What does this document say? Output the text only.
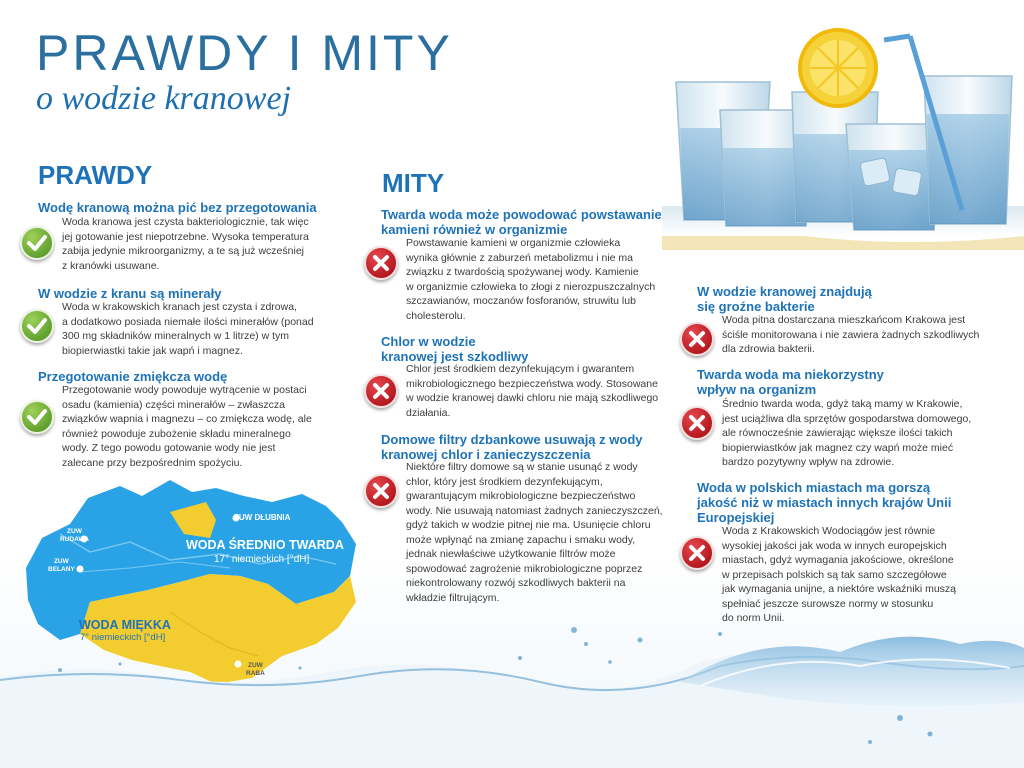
PRAWDY I MITY
o wodzie kranowej
PRAWDY
Wodę kranową można pić bez przegotowania
Woda kranowa jest czysta bakteriologicznie, tak więc
jej gotowanie jest niepotrzebne. Wysoka temperatura
zabija jedynie mikroorganizmy, a te są już wcześniej
z kranówki usuwane.
W wodzie z kranu są minerały
Woda w krakowskich kranach jest czysta i zdrowa,
a dodatkowo posiada niemałe ilości minerałów (ponad
300 mg składników mineralnych w 1 litrze) w tym
biopierwiastki takie jak wapń i magnez.
Przegotowanie zmiękcza wodę
Przegotowanie wody powoduje wytrącenie w postaci
osadu (kamienia) części minerałów – zwłaszcza
związków wapnia i magnezu – co zmiękcza wodę, ale
również powoduje zubożenie składu mineralnego
wody. Z tego powodu gotowanie wody nie jest
zalecane przy bezpośrednim spożyciu.
ZUW DŁUBNIA
ZUW
RUDAWA
ZUW
BELANY
ZUW
RABA
WODA ŚREDNIO TWARDA
17° niemieckich [°dH]
WODA MIĘKKA
7° niemieckich [°dH]
MITY
Twarda woda może powodować powstawanie
kamieni również w organizmie
Powstawanie kamieni w organizmie człowieka
wynika głównie z zaburzeń metabolizmu i nie ma
związku z twardością spożywanej wody. Kamienie
w organizmie człowieka to złogi z nierozpuszczalnych
szczawianów, moczanów fosforanów, struwitu lub
cholesterolu.
Chlor w wodzie
kranowej jest szkodliwy
Chlor jest środkiem dezynfekującym i gwarantem
mikrobiologicznego bezpieczeństwa wody. Stosowane
w wodzie kranowej dawki chloru nie mają szkodliwego
działania.
Domowe filtry dzbankowe usuwają z wody
kranowej chlor i zanieczyszczenia
Niektóre filtry domowe są w stanie usunąć z wody
chlor, który jest środkiem dezynfekującym,
gwarantującym mikrobiologiczne bezpieczeństwo
wody. Nie usuwają natomiast żadnych zanieczyszczeń,
gdyż takich w wodzie pitnej nie ma. Usunięcie chloru
może wpłynąć na zmianę zapachu i smaku wody,
jednak niewłaściwe użytkowanie filtrów może
spowodować zagrożenie mikrobiologiczne poprzez
niekontrolowany rozwój szkodliwych bakterii na
wkładzie filtrującym.
W wodzie kranowej znajdują
się groźne bakterie
Woda pitna dostarczana mieszkańcom Krakowa jest
ściśle monitorowana i nie zawiera żadnych szkodliwych
dla zdrowia bakterii.
Twarda woda ma niekorzystny
wpływ na organizm
Średnio twarda woda, gdyż taką mamy w Krakowie,
jest uciążliwa dla sprzętów gospodarstwa domowego,
ale równocześnie zawierając większe ilości takich
biopierwiastków jak magnez czy wapń może mieć
bardzo pozytywny wpływ na zdrowie.
Woda w polskich miastach ma gorszą
jakość niż w miastach innych krajów Unii
Europejskiej
Woda z Krakowskich Wodociągów jest równie
wysokiej jakości jak woda w innych europejskich
miastach, gdyż wymagania jakościowe, określone
w przepisach polskich są tak samo szczegółowe
jak wymagania unijne, a niektóre wskaźniki muszą
spełniać jeszcze surowsze normy w stosunku
do norm Unii.
